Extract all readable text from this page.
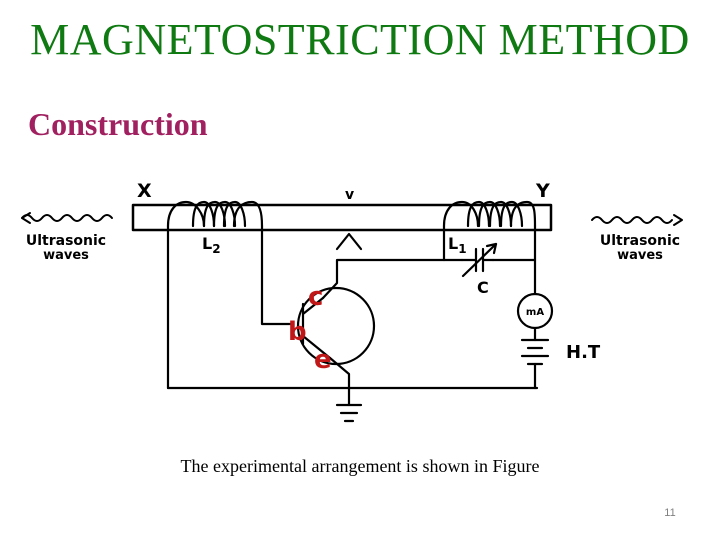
MAGNETOSTRICTION METHOD
Construction
X	Y
v
$L_2$	$L_1$
C
mA
H.T
Ultrasonic
waves
Ultrasonic
waves
c
b
e
The experimental arrangement is shown in Figure
11
